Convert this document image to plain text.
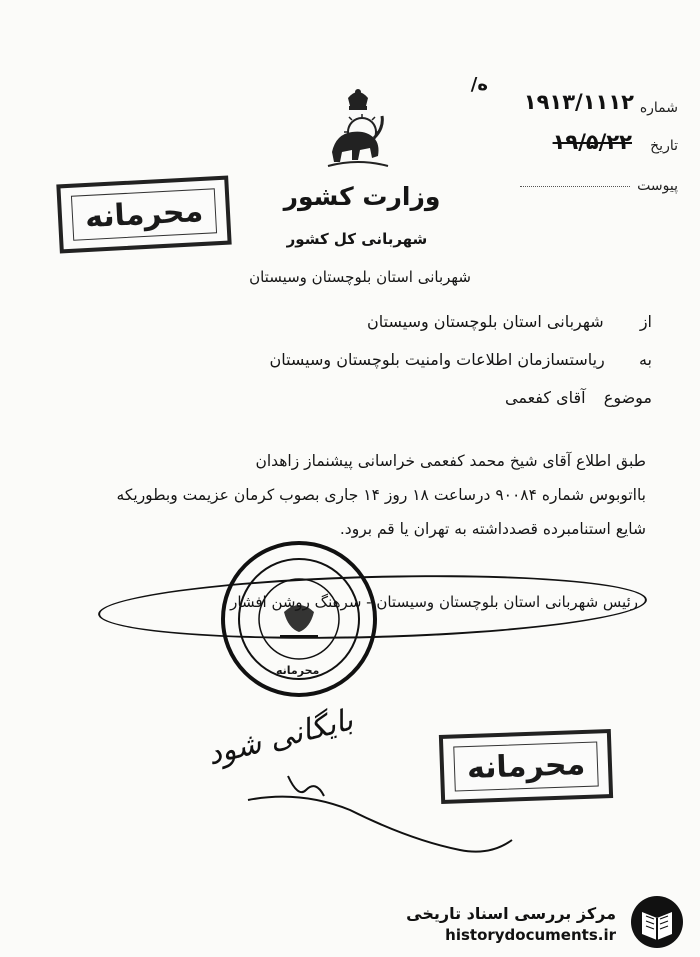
شماره
۱۹۱۳/۱۱۱۲
ه/
تاریخ
۱۹/۵/۲۲
پیوست
وزارت کشور
شهربانی کل کشور
شهربانی استان بلوچستان وسیستان
محرمانه
از  شهربانی استان بلوچستان وسیستان
به  ریاستسازمان اطلاعات وامنیت بلوچستان وسیستان
موضوع  آقای کفعمی
طبق اطلاع آقای شیخ محمد کفعمی خراسانی پیشنماز زاهدان
بااتوبوس شماره ۹۰۰۸۴ درساعت ۱۸ روز ۱۴ جاری بصوب کرمان عزیمت وبطوریکه
شایع استنامبرده قصدداشته به تهران یا قم برود.
محرمانه
رئیس شهربانی استان بلوچستان وسیستان - سرهنگ روشن افشار
بایگانی شود	محرمانه
مرکز بررسی اسناد تاریخی
historydocuments.ir
